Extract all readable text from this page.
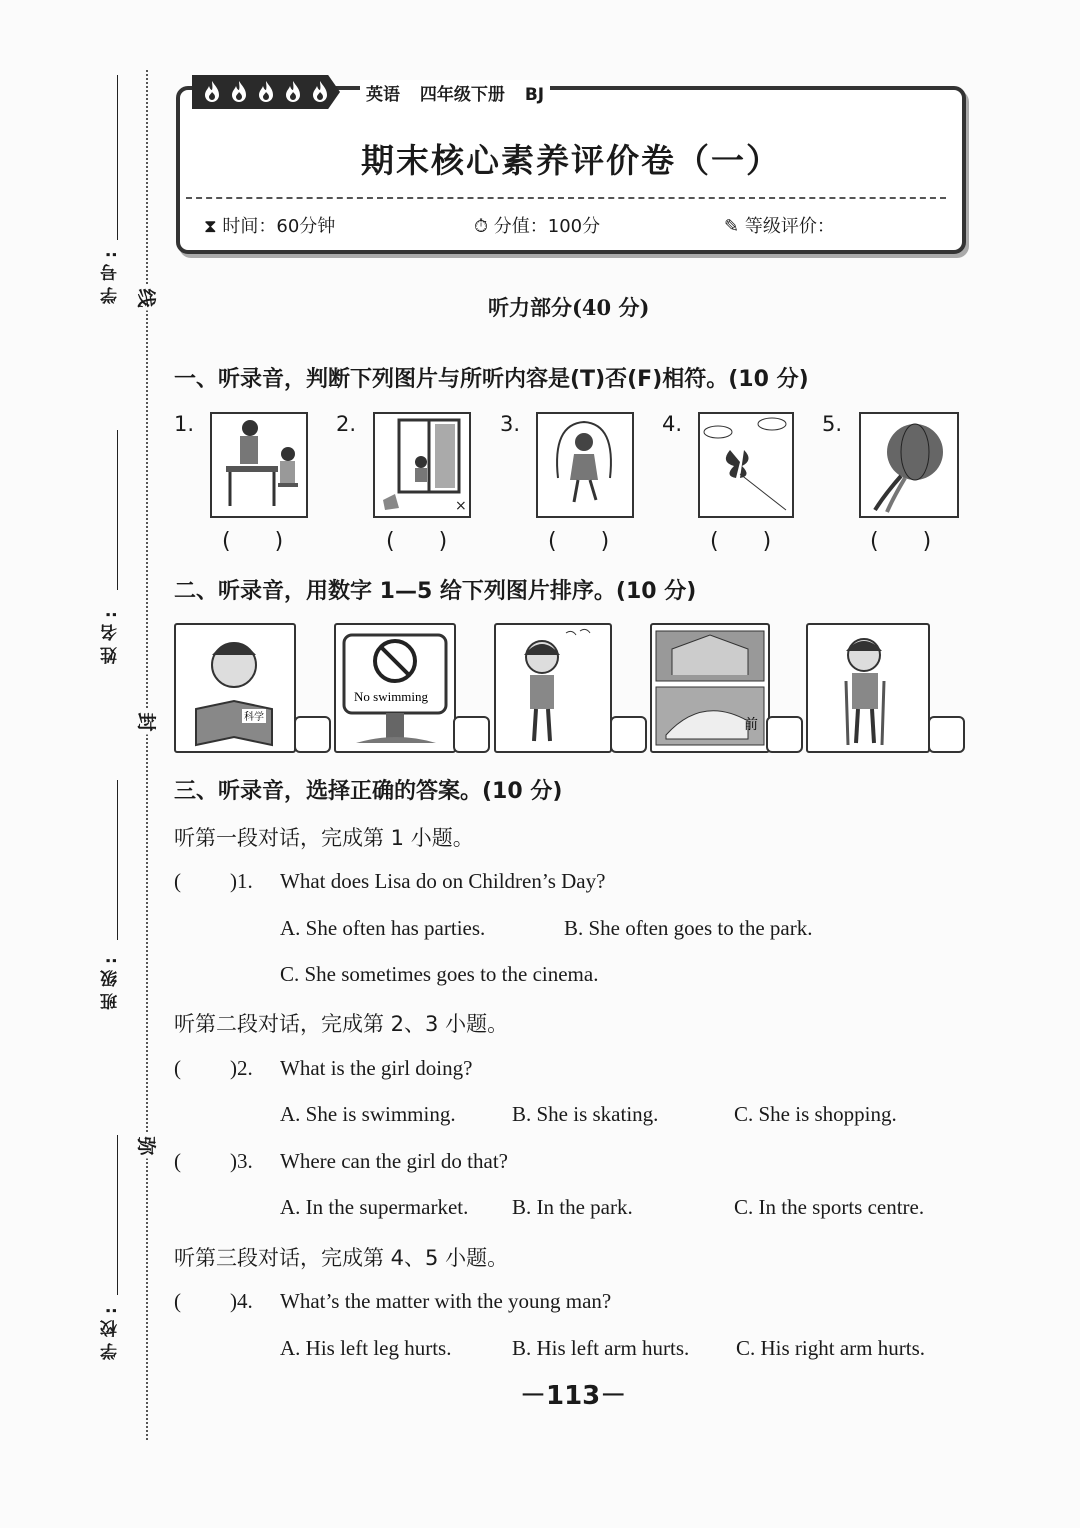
学号:
姓名:
班级:
学校:
线
封
弥
英语 四年级下册 BJ
期末核心素养评价卷（一）
⧗ 时间：60分钟	⏱ 分值：100分	✎ 等级评价：
听力部分(40 分)
一、听录音，判断下列图片与所听内容是(T)否(F)相符。(10 分)
1.	2.
×
3.	4.	5.
(　　)	(　　)	(　　)	(　　)	(　　)
二、听录音，用数字 1—5 给下列图片排序。(10 分)
科学
No swimming
前
三、听录音，选择正确的答案。(10 分)
听第一段对话，完成第 1 小题。
( )1. What does Lisa do on Children’s Day?
A. She often has parties.	B. She often goes to the park.
C. She sometimes goes to the cinema.
听第二段对话，完成第 2、3 小题。
( )2. What is the girl doing?
A. She is swimming.	B. She is skating.	C. She is shopping.
( )3. Where can the girl do that?
A. In the supermarket. B. In the park.	C. In the sports centre.
听第三段对话，完成第 4、5 小题。
( )4. What’s the matter with the young man?
A. His left leg hurts.	B. His left arm hurts. C. His right arm hurts.
－113－
